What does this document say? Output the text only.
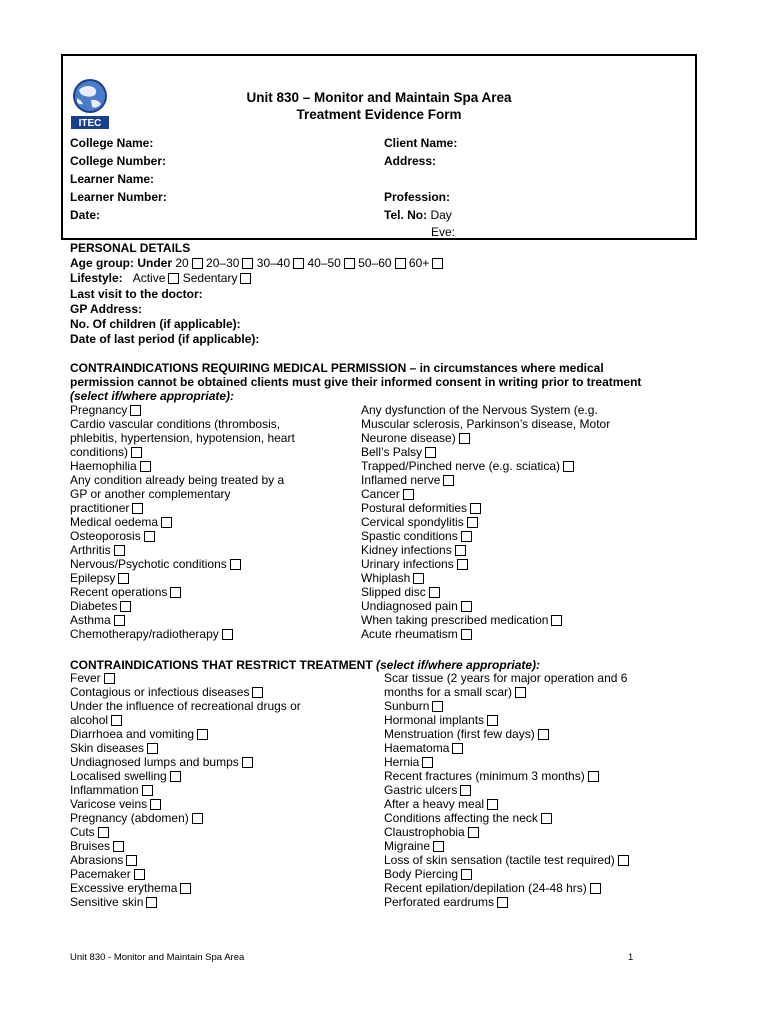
ITEC
Unit 830 – Monitor and Maintain Spa Area
Treatment Evidence Form
College Name:
College Number:
Learner Name:
Learner Number:
Date:
Client Name:
Address:
Profession:
Tel. No: Day
Eve:
PERSONAL DETAILS
Age group: Under 20 20–30 30–40 40–50 50–60 60+
Lifestyle: Active Sedentary
Last visit to the doctor:
GP Address:
No. Of children (if applicable):
Date of last period (if applicable):
CONTRAINDICATIONS REQUIRING MEDICAL PERMISSION – in circumstances where medical permission cannot be obtained clients must give their informed consent in writing prior to treatment (select if/where appropriate):
Pregnancy
Cardio vascular conditions (thrombosis,
phlebitis, hypertension, hypotension, heart
conditions)
Haemophilia
Any condition already being treated by a
GP or another complementary
practitioner
Medical oedema
Osteoporosis
Arthritis
Nervous/Psychotic conditions
Epilepsy
Recent operations
Diabetes
Asthma
Chemotherapy/radiotherapy
Any dysfunction of the Nervous System (e.g.
Muscular sclerosis, Parkinson’s disease, Motor
Neurone disease)
Bell’s Palsy
Trapped/Pinched nerve (e.g. sciatica)
Inflamed nerve
Cancer
Postural deformities
Cervical spondylitis
Spastic conditions
Kidney infections
Urinary infections
Whiplash
Slipped disc
Undiagnosed pain
When taking prescribed medication
Acute rheumatism
CONTRAINDICATIONS THAT RESTRICT TREATMENT (select if/where appropriate):
Fever
Contagious or infectious diseases
Under the influence of recreational drugs or
alcohol
Diarrhoea and vomiting
Skin diseases
Undiagnosed lumps and bumps
Localised swelling
Inflammation
Varicose veins
Pregnancy (abdomen)
Cuts
Bruises
Abrasions
Pacemaker
Excessive erythema
Sensitive skin
Scar tissue (2 years for major operation and 6
months for a small scar)
Sunburn
Hormonal implants
Menstruation (first few days)
Haematoma
Hernia
Recent fractures (minimum 3 months)
Gastric ulcers
After a heavy meal
Conditions affecting the neck
Claustrophobia
Migraine
Loss of skin sensation (tactile test required)
Body Piercing
Recent epilation/depilation (24-48 hrs)
Perforated eardrums
Unit 830 - Monitor and Maintain Spa Area	1
